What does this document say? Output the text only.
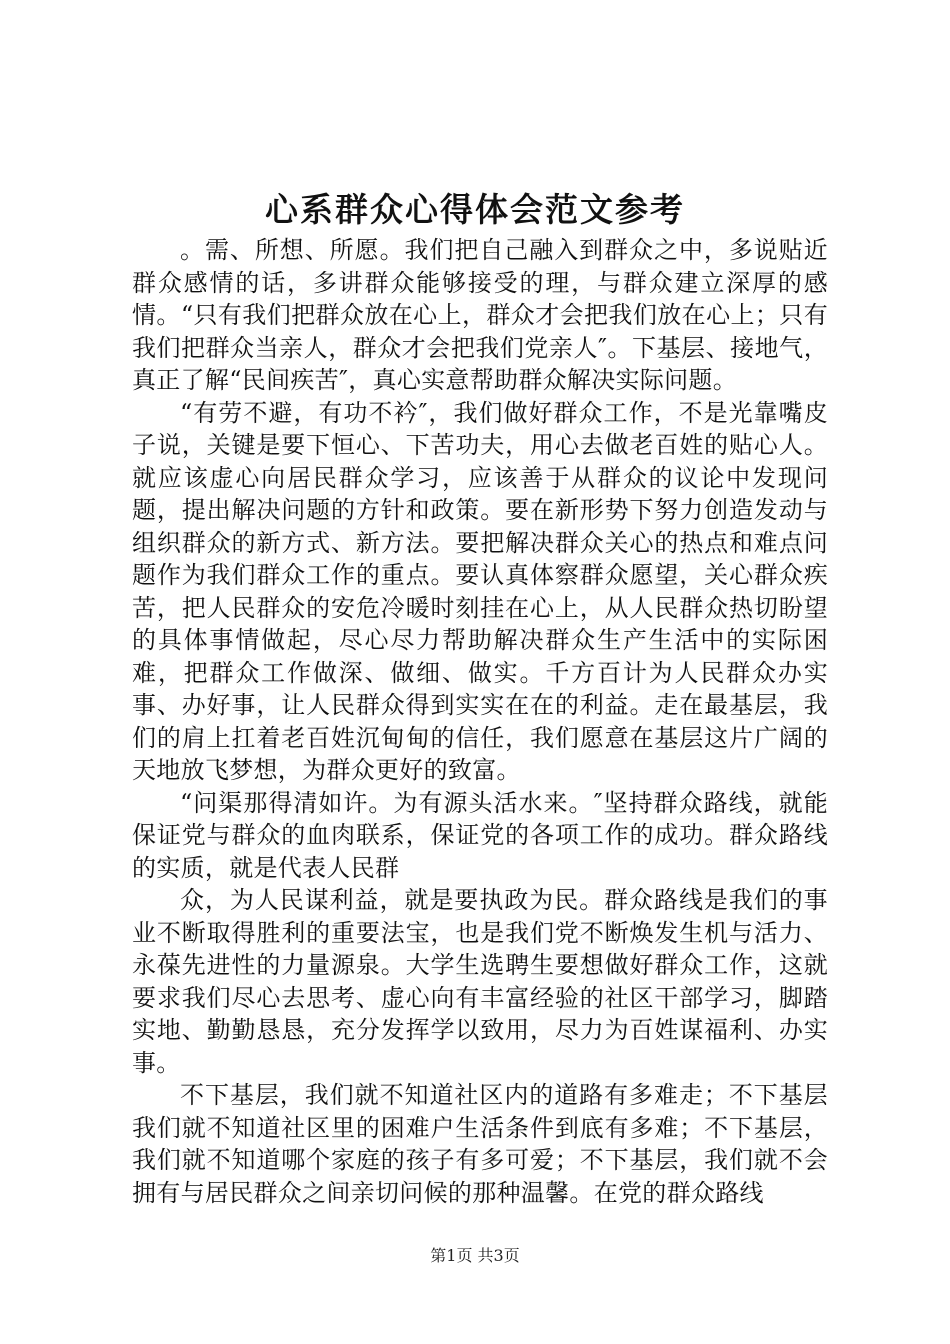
心系群众心得体会范文参考

。需、所想、所愿。我们把自己融入到群众之中，多说贴近群众感情的话，多讲群众能够接受的理，与群众建立深厚的感情。“只有我们把群众放在心上，群众才会把我们放在心上；只有我们把群众当亲人，群众才会把我们党亲人″。下基层、接地气，真正了解“民间疾苦″，真心实意帮助群众解决实际问题。

“有劳不避，有功不衿″，我们做好群众工作，不是光靠嘴皮子说，关键是要下恒心、下苦功夫，用心去做老百姓的贴心人。就应该虚心向居民群众学习，应该善于从群众的议论中发现问题，提出解决问题的方针和政策。要在新形势下努力创造发动与组织群众的新方式、新方法。要把解决群众关心的热点和难点问题作为我们群众工作的重点。要认真体察群众愿望，关心群众疾苦，把人民群众的安危冷暖时刻挂在心上，从人民群众热切盼望的具体事情做起，尽心尽力帮助解决群众生产生活中的实际困难，把群众工作做深、做细、做实。千方百计为人民群众办实事、办好事，让人民群众得到实实在在的利益。走在最基层，我们的肩上扛着老百姓沉甸甸的信任，我们愿意在基层这片广阔的天地放飞梦想，为群众更好的致富。

“问渠那得清如许。为有源头活水来。″坚持群众路线，就能保证党与群众的血肉联系，保证党的各项工作的成功。群众路线的实质，就是代表人民群

众，为人民谋利益，就是要执政为民。群众路线是我们的事业不断取得胜利的重要法宝，也是我们党不断焕发生机与活力、永葆先进性的力量源泉。大学生选聘生要想做好群众工作，这就要求我们尽心去思考、虚心向有丰富经验的社区干部学习，脚踏实地、勤勤恳恳，充分发挥学以致用，尽力为百姓谋福利、办实事。

不下基层，我们就不知道社区内的道路有多难走；不下基层我们就不知道社区里的困难户生活条件到底有多难；不下基层，我们就不知道哪个家庭的孩子有多可爱；不下基层，我们就不会拥有与居民群众之间亲切问候的那种温馨。在党的群众路线

第1页 共3页
